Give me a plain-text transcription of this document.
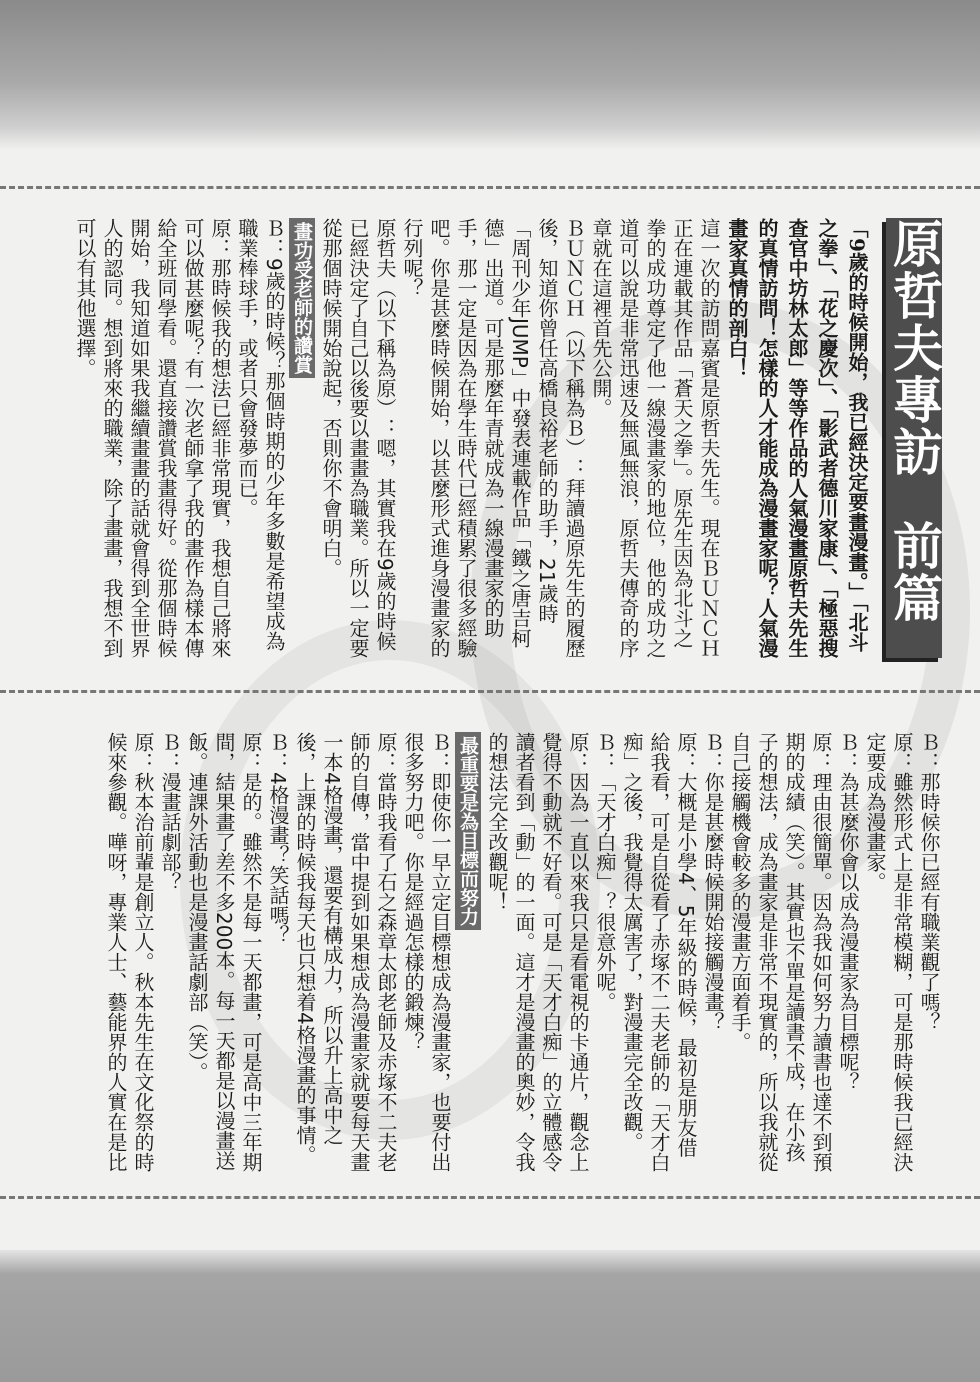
原哲夫專訪前篇

「9歲的時候開始，我已經決定要畫漫畫。」「北斗之拳」、「花之慶次」、「影武者德川家康」、「極惡搜查官中坊林太郎」等等作品的人氣漫畫原哲夫先生的真情訪問！怎樣的人才能成為漫畫家呢？人氣漫畫家真情的剖白！

這一次的訪問嘉賓是原哲夫先生。現在ＢＵＮＣＨ正在連載其作品「蒼天之拳」。原先生因為北斗之拳的成功尊定了他一線漫畫家的地位，他的成功之道可以說是非常迅速及無風無浪，原哲夫傳奇的序章就在這裡首先公開。

ＢＵＮＣＨ（以下稱為Ｂ）：拜讀過原先生的履歷後，知道你曾任高橋良裕老師的助手，21歲時「周刊少年JUMP」中發表連載作品「鐵之唐吉柯德」出道。可是那麼年青就成為一線漫畫家的助手，那一定是因為在學生時代已經積累了很多經驗吧。你是甚麼時候開始，以甚麼形式進身漫畫家的行列呢？

原哲夫（以下稱為原）：嗯，其實我在9歲的時候已經決定了自己以後要以畫畫為職業。所以一定要從那個時候開始說起，否則你不會明白。

畫功受老師的讚賞

Ｂ：9歲的時候？那個時期的少年多數是希望成為職業棒球手，或者只會發夢而已。

原：那時候我的想法已經非常現實，我想自己將來可以做甚麼呢？有一次老師拿了我的畫作為樣本傳給全班同學看。還直接讚賞我畫得好。從那個時候開始，我知道如果我繼續畫畫的話就會得到全世界人的認同。想到將來的職業，除了畫畫，我想不到可以有其他選擇。

Ｂ：那時候你已經有職業觀了嗎？

原：雖然形式上是非常模糊，可是那時候我已經決定要成為漫畫家。

Ｂ：為甚麼你會以成為漫畫家為目標呢？

原：理由很簡單。因為我如何努力讀書也達不到預期的成績（笑）。其實也不單是讀書不成，在小孩子的想法，成為畫家是非常不現實的，所以我就從自己接觸機會較多的漫畫方面着手。

Ｂ：你是甚麼時候開始接觸漫畫？

原：大概是小學4、5年級的時候，最初是朋友借給我看，可是自從看了赤塚不二夫老師的「天才白痴」之後，我覺得太厲害了，對漫畫完全改觀。

Ｂ：「天才白痴」？很意外呢。

原：因為一直以來我只是看電視的卡通片，觀念上覺得不動就不好看。可是「天才白痴」的立體感令讀者看到「動」的一面。這才是漫畫的奧妙，令我的想法完全改觀呢！

最重要是為目標而努力

Ｂ：即使你一早立定目標想成為漫畫家，也要付出很多努力吧。你是經過怎樣的鍛煉？

原：當時我看了石之森章太郎老師及赤塚不二夫老師的自傳，當中提到如果想成為漫畫家就要每天畫一本4格漫畫，還要有構成力，所以升上高中之後，上課的時候我每天也只想着4格漫畫的事情。

Ｂ：4格漫畫？笑話嗎？

原：是的。雖然不是每一天都畫，可是高中三年期間，結果畫了差不多200本。每一天都是以漫畫送飯。連課外活動也是漫畫話劇部（笑）。

Ｂ：漫畫話劇部？

原：秋本治前輩是創立人。秋本先生在文化祭的時候來參觀。嘩呀，專業人士、藝能界的人實在是比
